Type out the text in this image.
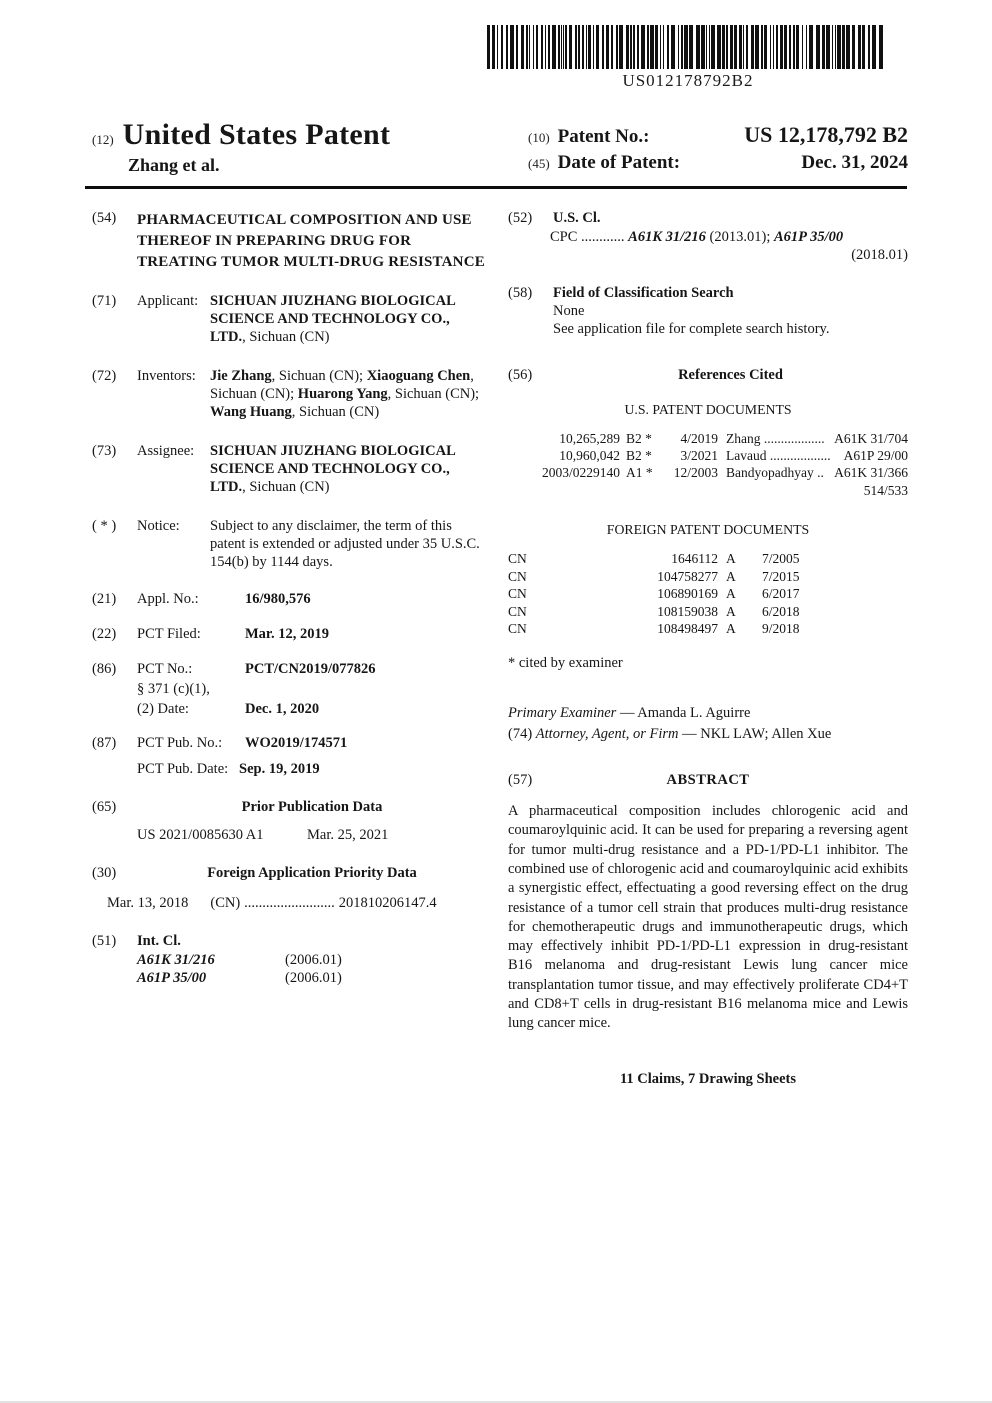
US012178792B2
(12) United States Patent
Zhang et al.
(10) Patent No.:	US 12,178,792 B2
(45) Date of Patent:	Dec. 31, 2024
(54)	PHARMACEUTICAL COMPOSITION AND USE THEREOF IN PREPARING DRUG FOR TREATING TUMOR MULTI-DRUG RESISTANCE
(71)	Applicant: SICHUAN JIUZHANG BIOLOGICAL SCIENCE AND TECHNOLOGY CO., LTD., Sichuan (CN)
(72)	Inventors: Jie Zhang, Sichuan (CN); Xiaoguang Chen, Sichuan (CN); Huarong Yang, Sichuan (CN); Wang Huang, Sichuan (CN)
(73)	Assignee:	SICHUAN JIUZHANG BIOLOGICAL SCIENCE AND TECHNOLOGY CO., LTD., Sichuan (CN)
( * )	Notice:	Subject to any disclaimer, the term of this patent is extended or adjusted under 35 U.S.C. 154(b) by 1144 days.
(21)	Appl. No.:	16/980,576
(22)	PCT Filed:	Mar. 12, 2019
(86)	PCT No.:	PCT/CN2019/077826
§ 371 (c)(1),
(2) Date:	Dec. 1, 2020
(87)	PCT Pub. No.:	WO2019/174571
PCT Pub. Date: Sep. 19, 2019
(65)	Prior Publication Data
US 2021/0085630 A1	Mar. 25, 2021
(30)	Foreign Application Priority Data
Mar. 13, 2018 (CN) ......................... 201810206147.4
(51)	Int. Cl.
A61K 31/216	(2006.01)
A61P 35/00	(2006.01)
(52)	U.S. Cl.
CPC ............ A61K 31/216 (2013.01); A61P 35/00
(2018.01)
(58)	Field of Classification Search
None
See application file for complete search history.
(56)	References Cited
U.S. PATENT DOCUMENTS
10,265,289 B2 *	4/2019 Zhang .................. A61K 31/704
10,960,042 B2 *	3/2021 Lavaud .................. A61P 29/00
2003/0229140 A1 *	12/2003 Bandyopadhyay .. A61K 31/366
514/533
FOREIGN PATENT DOCUMENTS
CN	1646112 A	7/2005
CN	104758277 A	7/2015
CN	106890169 A	6/2017
CN	108159038 A	6/2018
CN	108498497 A	9/2018
* cited by examiner
Primary Examiner — Amanda L. Aguirre
(74) Attorney, Agent, or Firm — NKL LAW; Allen Xue
(57)	ABSTRACT
A pharmaceutical composition includes chlorogenic acid and coumaroylquinic acid. It can be used for preparing a reversing agent for tumor multi-drug resistance and a PD-1/PD-L1 inhibitor. The combined use of chlorogenic acid and coumaroylquinic acid exhibits a synergistic effect, effectuating a good reversing effect on the drug resistance of a tumor cell strain that produces multi-drug resistance for chemotherapeutic drugs and immunotherapeutic drugs, which may effectively inhibit PD-1/PD-L1 expression in drug-resistant B16 melanoma and drug-resistant Lewis lung cancer mice transplantation tumor tissue, and may effectively proliferate CD4+T and CD8+T cells in drug-resistant B16 melanoma mice and Lewis lung cancer mice.
11 Claims, 7 Drawing Sheets
